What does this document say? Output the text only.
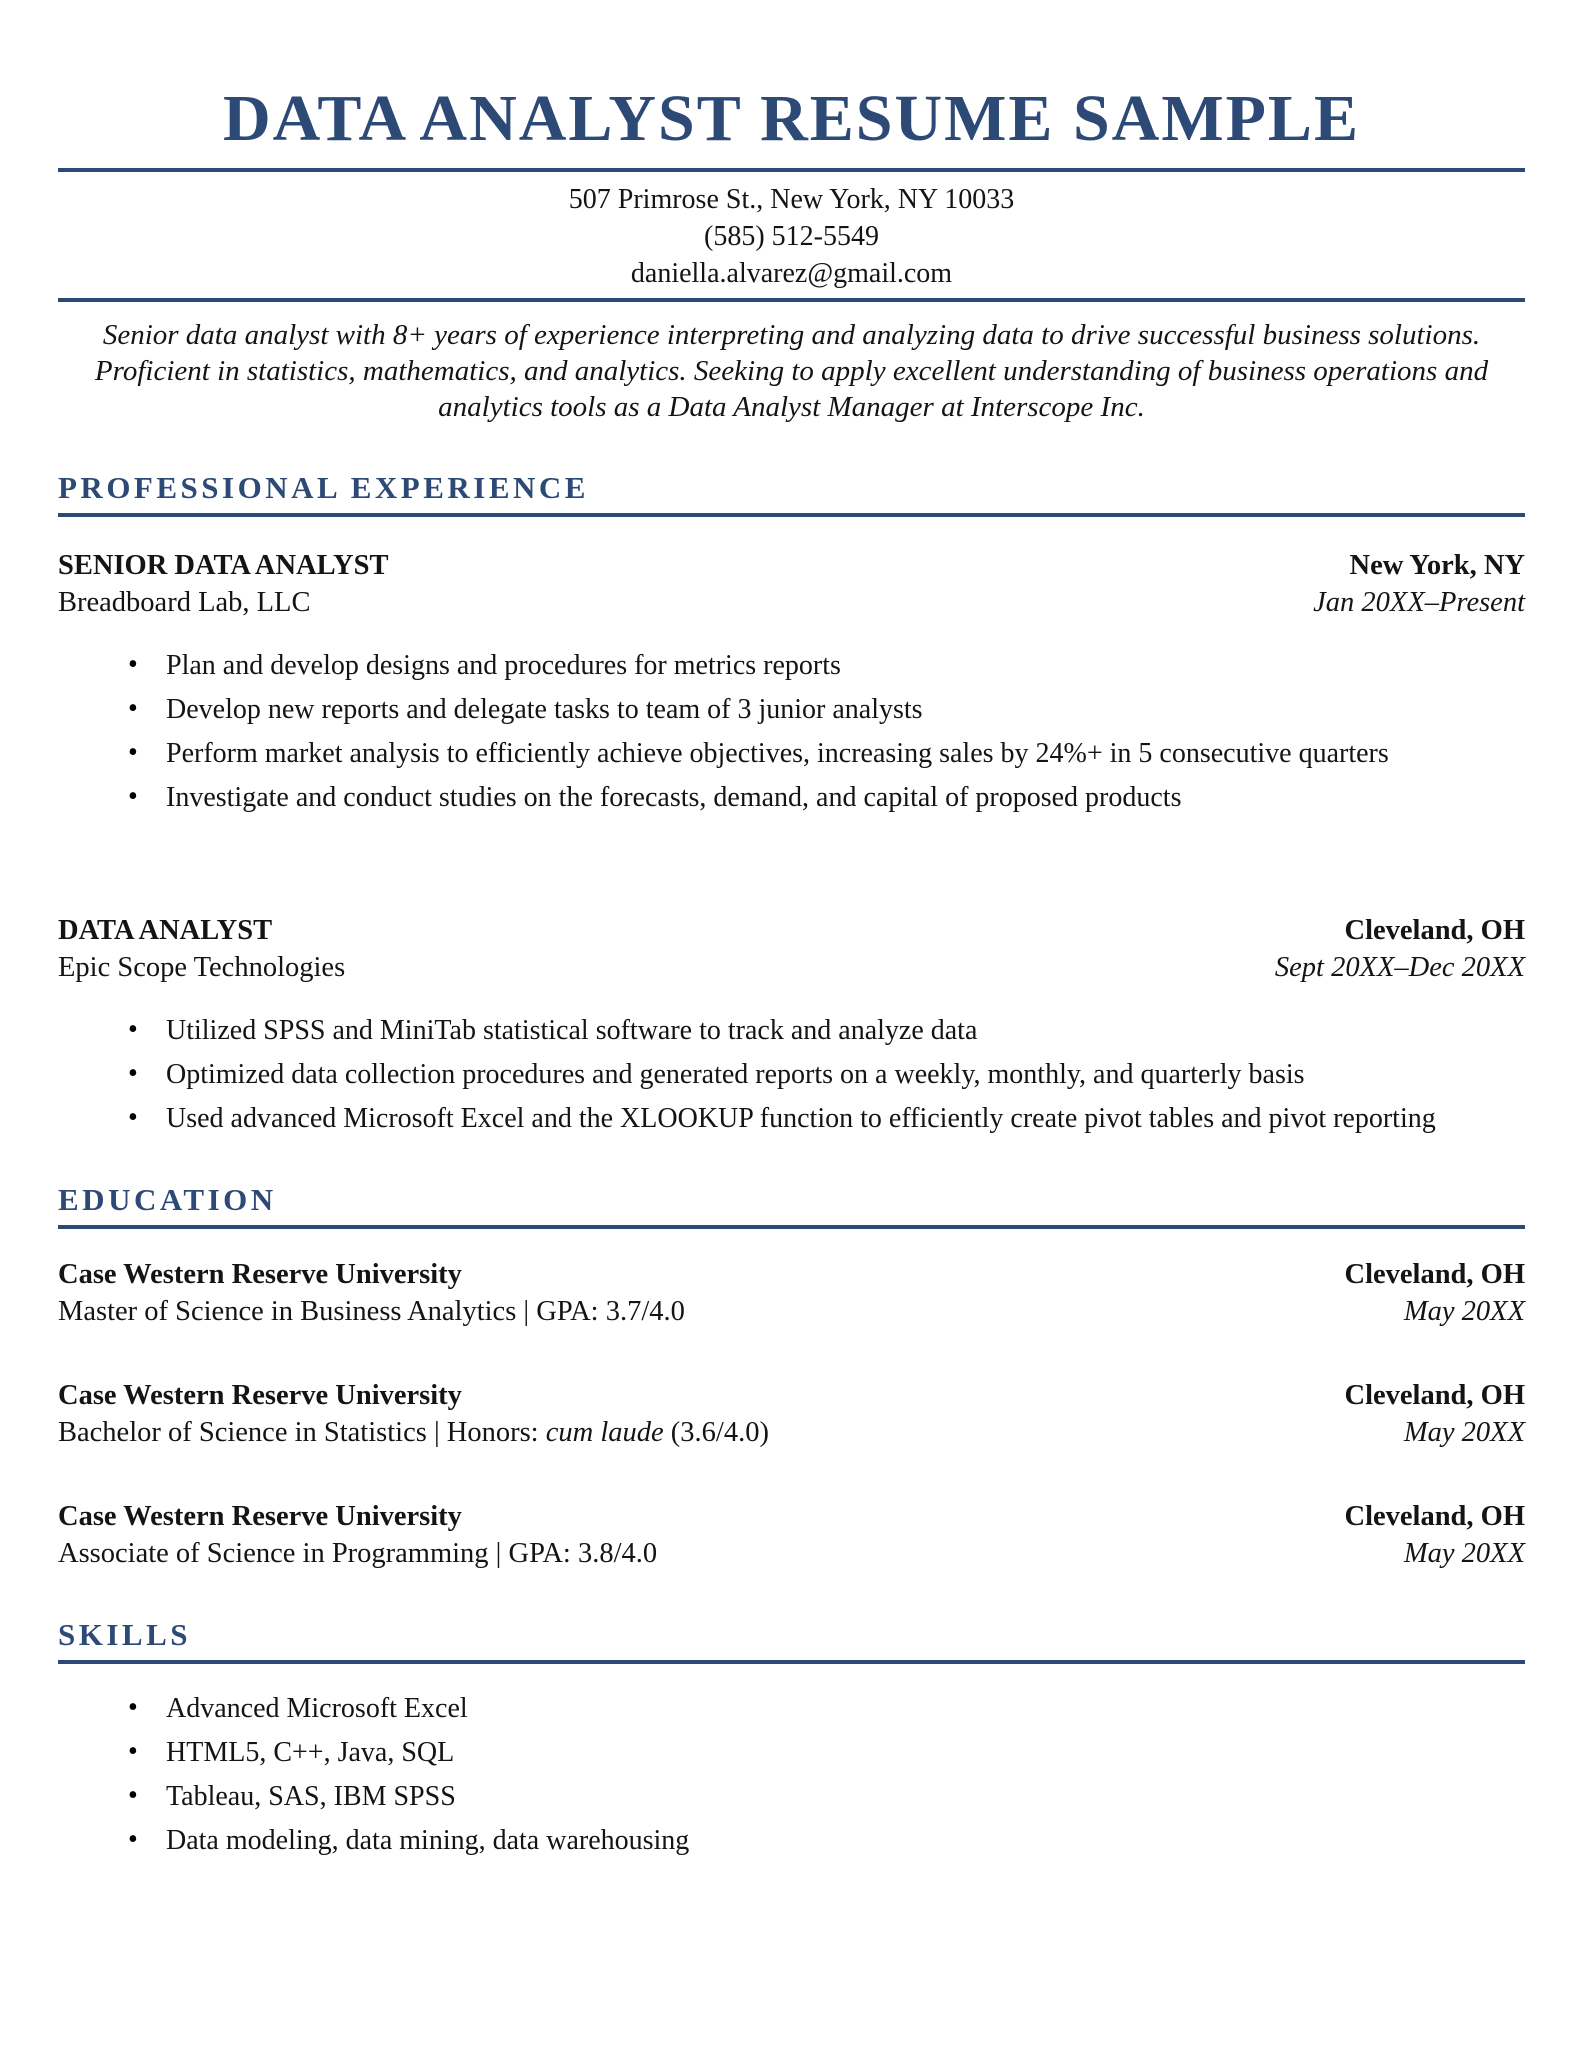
DATA ANALYST RESUME SAMPLE
507 Primrose St., New York, NY 10033
(585) 512-5549
daniella.alvarez@gmail.com

Senior data analyst with 8+ years of experience interpreting and analyzing data to drive successful business solutions. Proficient in statistics, mathematics, and analytics. Seeking to apply excellent understanding of business operations and analytics tools as a Data Analyst Manager at Interscope Inc.

PROFESSIONAL EXPERIENCE
SENIOR DATA ANALYST	New York, NY
Breadboard Lab, LLC	Jan 20XX–Present
• Plan and develop designs and procedures for metrics reports
• Develop new reports and delegate tasks to team of 3 junior analysts
• Perform market analysis to efficiently achieve objectives, increasing sales by 24%+ in 5 consecutive quarters
• Investigate and conduct studies on the forecasts, demand, and capital of proposed products
DATA ANALYST	Cleveland, OH
Epic Scope Technologies	Sept 20XX–Dec 20XX
• Utilized SPSS and MiniTab statistical software to track and analyze data
• Optimized data collection procedures and generated reports on a weekly, monthly, and quarterly basis
• Used advanced Microsoft Excel and the XLOOKUP function to efficiently create pivot tables and pivot reporting
EDUCATION
Case Western Reserve University	Cleveland, OH
Master of Science in Business Analytics | GPA: 3.7/4.0	May 20XX
Case Western Reserve University	Cleveland, OH
Bachelor of Science in Statistics | Honors: cum laude (3.6/4.0)	May 20XX
Case Western Reserve University	Cleveland, OH
Associate of Science in Programming | GPA: 3.8/4.0	May 20XX
SKILLS
• Advanced Microsoft Excel
• HTML5, C++, Java, SQL
• Tableau, SAS, IBM SPSS
• Data modeling, data mining, data warehousing
